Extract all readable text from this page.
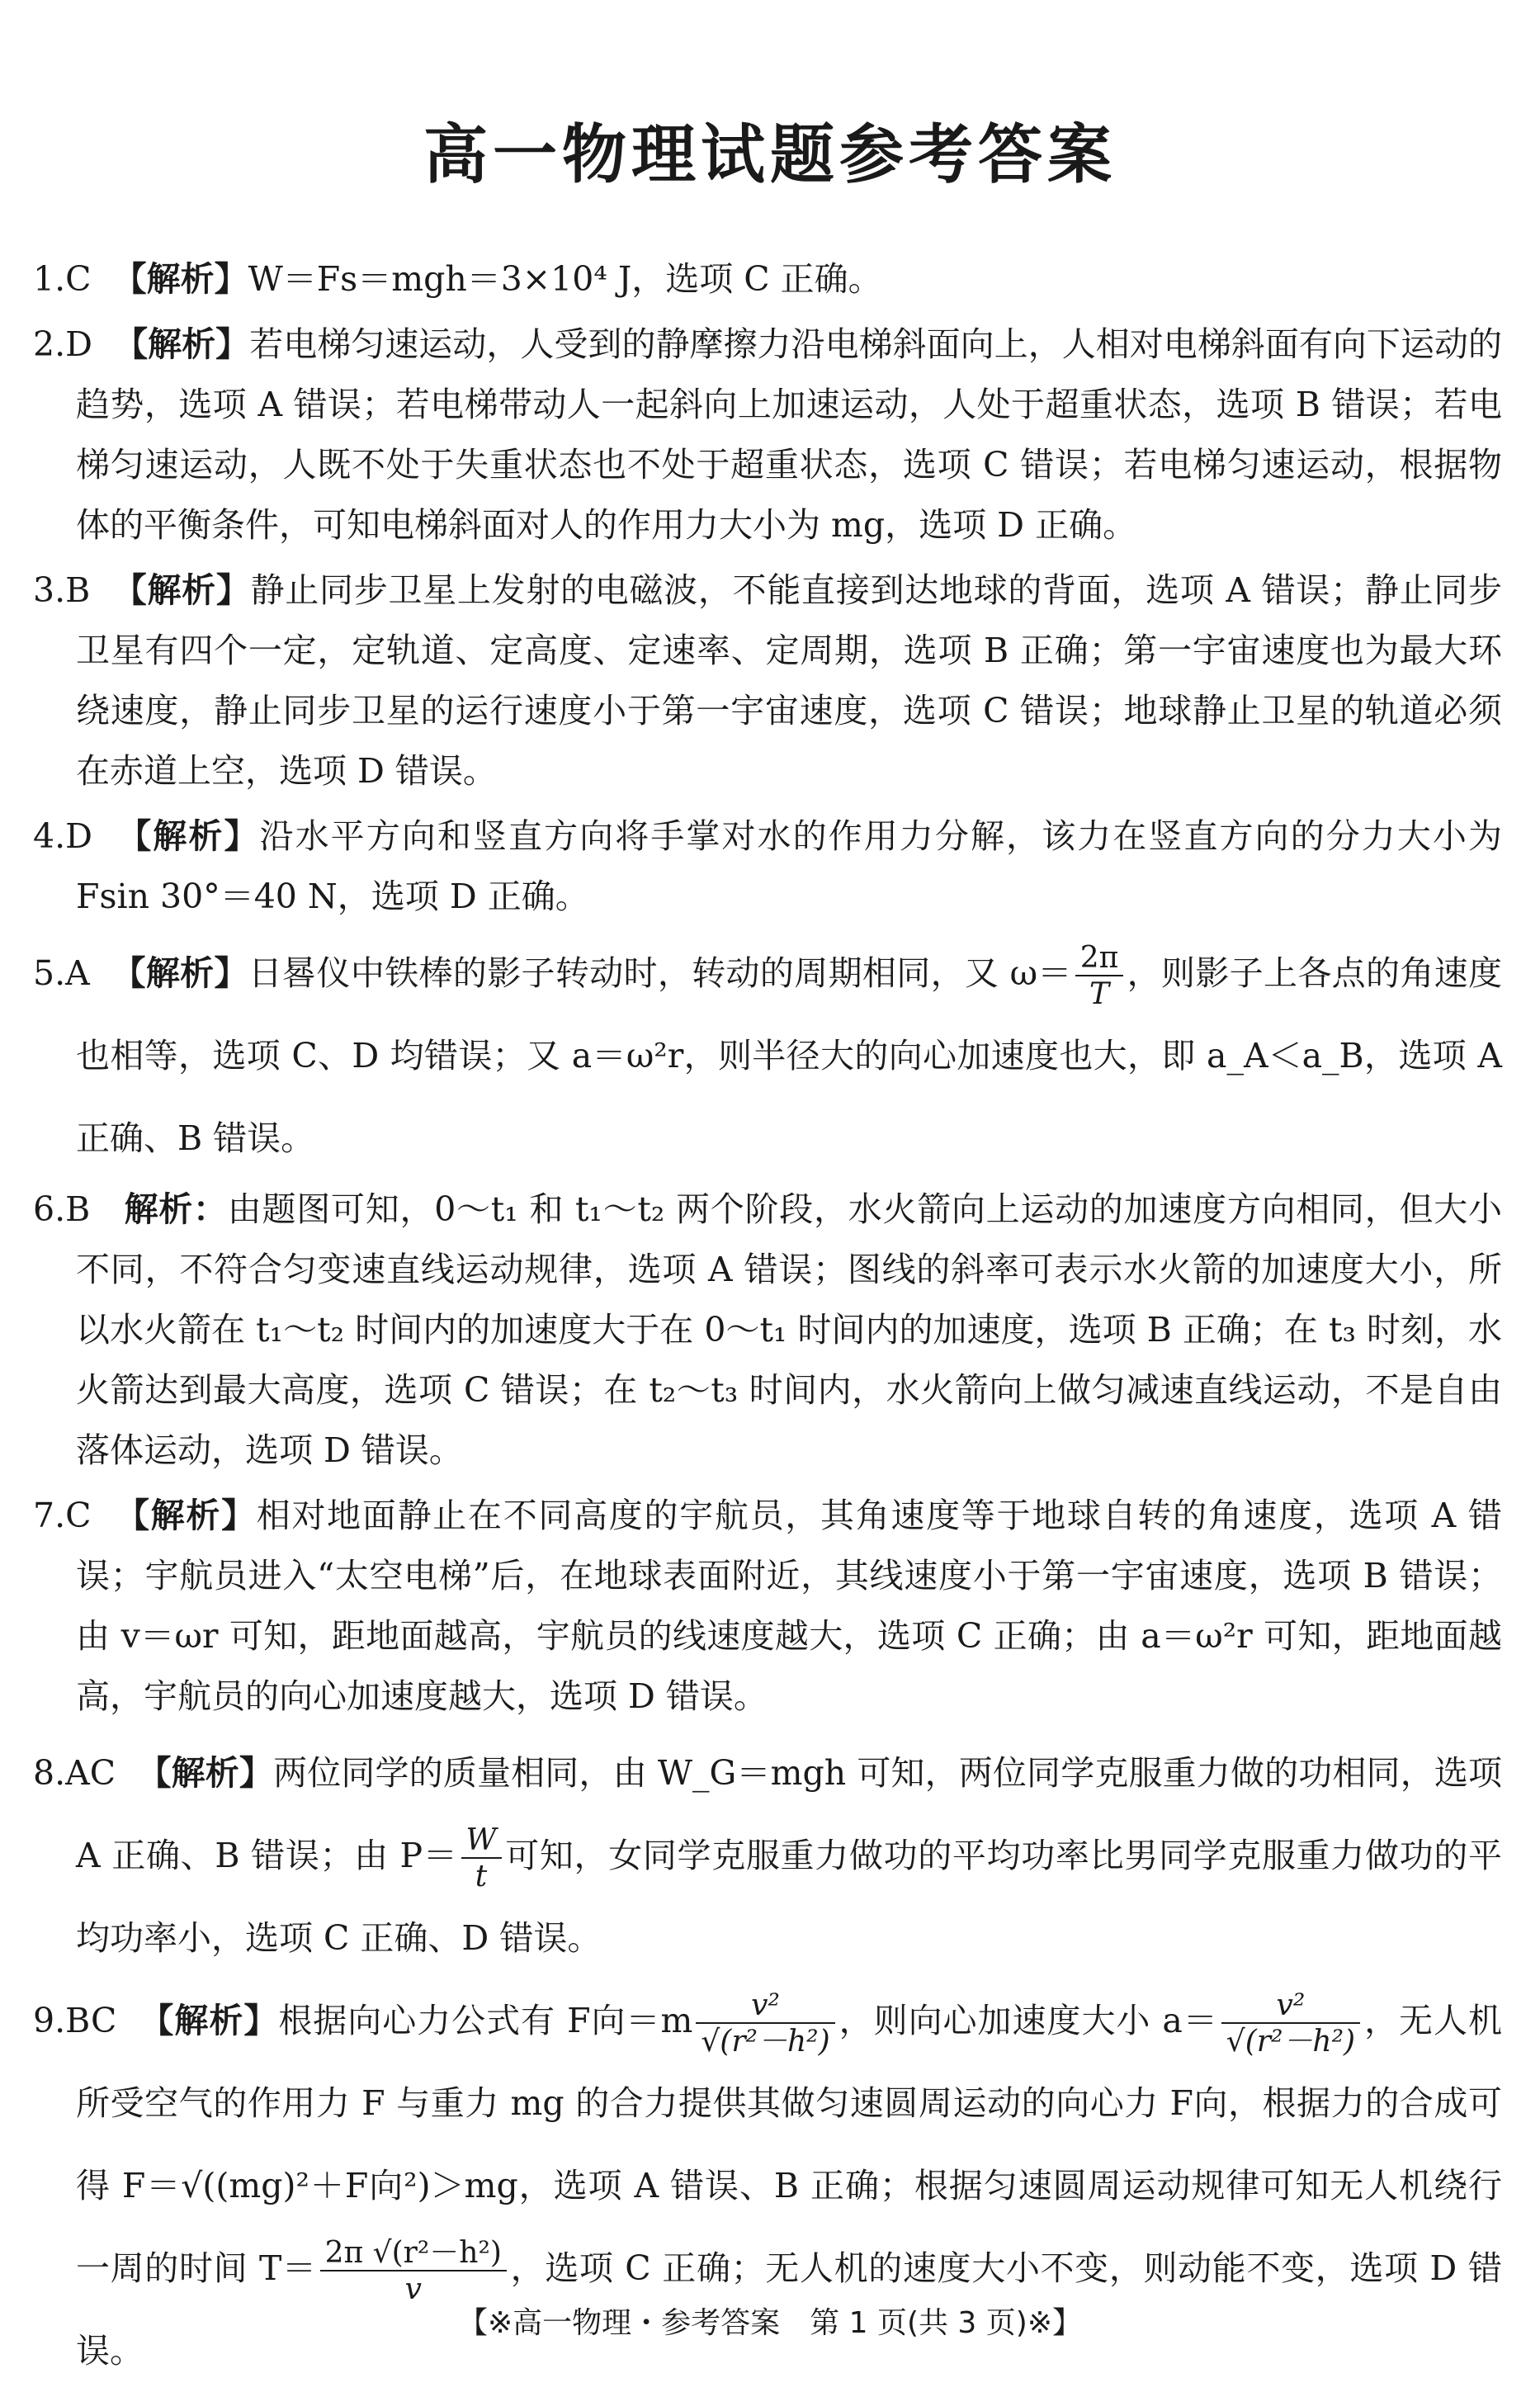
高一物理试题参考答案

1.C 【解析】W＝Fs＝mgh＝3×10⁴ J，选项 C 正确。

2.D 【解析】若电梯匀速运动，人受到的静摩擦力沿电梯斜面向上，人相对电梯斜面有向下运动的趋势，选项 A 错误；若电梯带动人一起斜向上加速运动，人处于超重状态，选项 B 错误；若电梯匀速运动，人既不处于失重状态也不处于超重状态，选项 C 错误；若电梯匀速运动，根据物体的平衡条件，可知电梯斜面对人的作用力大小为 mg，选项 D 正确。

3.B 【解析】静止同步卫星上发射的电磁波，不能直接到达地球的背面，选项 A 错误；静止同步卫星有四个一定，定轨道、定高度、定速率、定周期，选项 B 正确；第一宇宙速度也为最大环绕速度，静止同步卫星的运行速度小于第一宇宙速度，选项 C 错误；地球静止卫星的轨道必须在赤道上空，选项 D 错误。

4.D 【解析】沿水平方向和竖直方向将手掌对水的作用力分解，该力在竖直方向的分力大小为 Fsin 30°＝40 N，选项 D 正确。

5.A 【解析】日晷仪中铁棒的影子转动时，转动的周期相同，又 $\omega= \frac{2\pi}{T}$ ，则影子上各点的角速度也相等，选项 C、D 均错误；又 a＝ω²r，则半径大的向心加速度也大，即 a_A＜a_B，选项 A 正确、B 错误。

6.B 解析：由题图可知，0～t₁ 和 t₁～t₂ 两个阶段，水火箭向上运动的加速度方向相同，但大小不同，不符合匀变速直线运动规律，选项 A 错误；图线的斜率可表示水火箭的加速度大小，所以水火箭在 t₁～t₂ 时间内的加速度大于在 0～t₁ 时间内的加速度，选项 B 正确；在 t₃ 时刻，水火箭达到最大高度，选项 C 错误；在 t₂～t₃ 时间内，水火箭向上做匀减速直线运动，不是自由落体运动，选项 D 错误。

7.C 【解析】相对地面静止在不同高度的宇航员，其角速度等于地球自转的角速度，选项 A 错误；宇航员进入“太空电梯”后，在地球表面附近，其线速度小于第一宇宙速度，选项 B 错误；由 v＝ωr 可知，距地面越高，宇航员的线速度越大，选项 C 正确；由 a＝ω²r 可知，距地面越高，宇航员的向心加速度越大，选项 D 错误。

8.AC 【解析】两位同学的质量相同，由 W_G＝mgh 可知，两位同学克服重力做的功相同，选项 A 正确、B 错误；由 $P= \frac{W}{t}$ 可知，女同学克服重力做功的平均功率比男同学克服重力做功的平均功率小，选项 C 正确、D 错误。

9.BC 【解析】根据向心力公式有 F向$=m \frac{\text{v²}}{\text{√(r²－h²)}}$ ，则向心加速度大小 $a= \frac{\text{v²}}{\text{√(r²－h²)}}$ ，无人机所受空气的作用力 F 与重力 mg 的合力提供其做匀速圆周运动的向心力 F向，根据力的合成可得 F＝√((mg)²＋F向²)＞mg，选项 A 错误、B 正确；根据匀速圆周运动规律可知无人机绕行一周的时间 $T= \frac{\text{2π √(r²－h²)}}{v}$ ，选项 C 正确；无人机的速度大小不变，则动能不变，选项 D 错误。

【※高一物理・参考答案　第 1 页(共 3 页)※】
